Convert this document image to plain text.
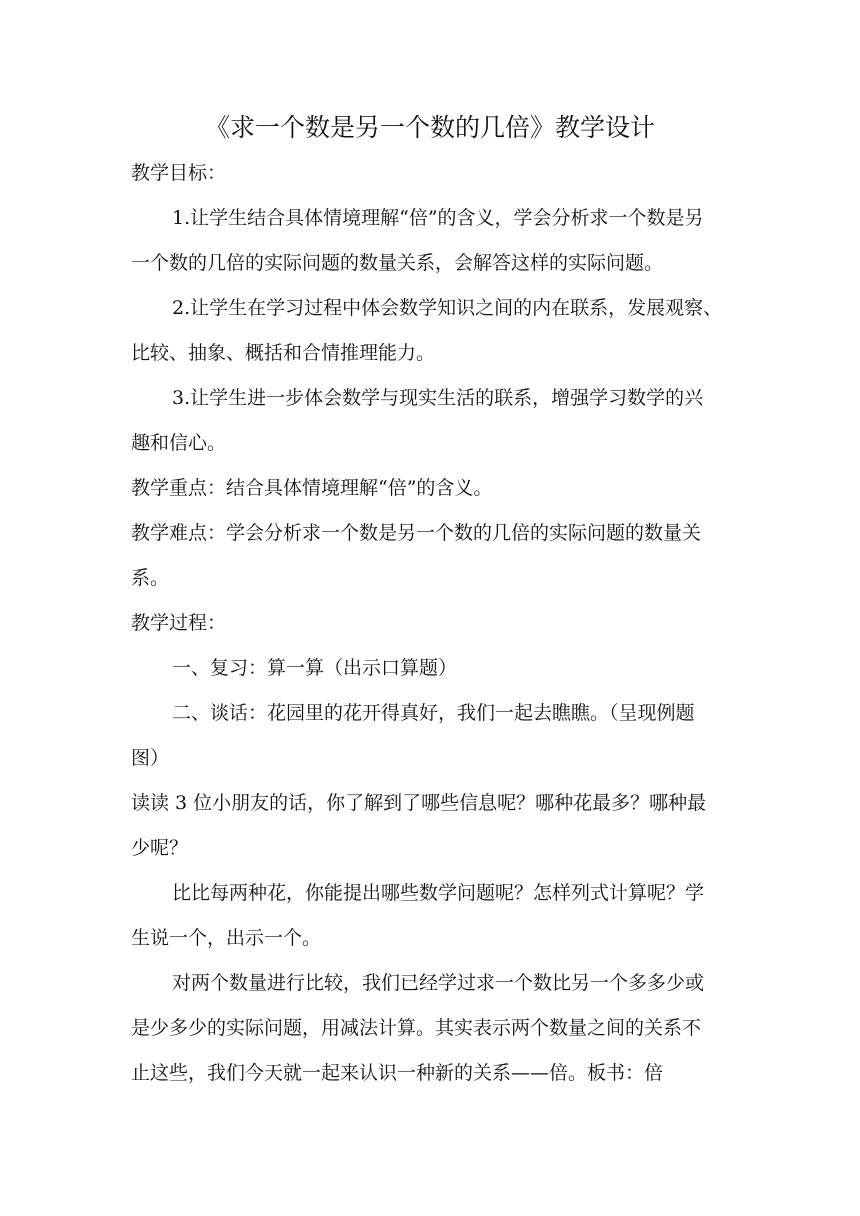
《求一个数是另一个数的几倍》教学设计
教学目标：
1.让学生结合具体情境理解“倍”的含义，学会分析求一个数是另
一个数的几倍的实际问题的数量关系，会解答这样的实际问题。
2.让学生在学习过程中体会数学知识之间的内在联系，发展观察、
比较、抽象、概括和合情推理能力。
3.让学生进一步体会数学与现实生活的联系，增强学习数学的兴
趣和信心。
教学重点：结合具体情境理解“倍”的含义。
教学难点：学会分析求一个数是另一个数的几倍的实际问题的数量关
系。
教学过程：
一、复习：算一算（出示口算题）
二、谈话：花园里的花开得真好，我们一起去瞧瞧。（呈现例题
图）
读读 3 位小朋友的话，你了解到了哪些信息呢？哪种花最多？哪种最
少呢？
比比每两种花，你能提出哪些数学问题呢？怎样列式计算呢？学
生说一个，出示一个。
对两个数量进行比较，我们已经学过求一个数比另一个多多少或
是少多少的实际问题，用减法计算。其实表示两个数量之间的关系不
止这些，我们今天就一起来认识一种新的关系——倍。板书：倍
